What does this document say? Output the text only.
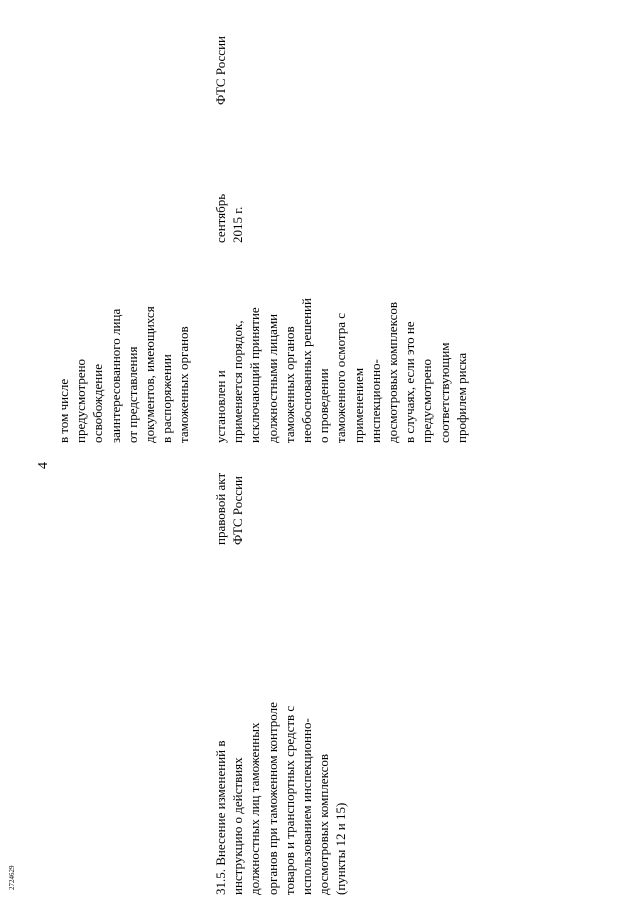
4
в том числе предусмотрено освобождение заинтересованного лица от представления документов, имеющихся в распоряжении таможенных органов
31.5. Внесение изменений в инструкцию о действиях должностных лиц таможенных органов при таможенном контроле товаров и транспортных средств с использованием инспекционно- досмотровых комплексов (пункты 12 и 15)
правовой акт ФТС России
установлен и применяется порядок, исключающий принятие должностными лицами таможенных органов необоснованных решений о проведении таможенного осмотра с применением инспекционно- досмотровых комплексов в случаях, если это не предусмотрено соответствующим профилем риска
сентябрь 2015 г.
ФТС России
2724629
